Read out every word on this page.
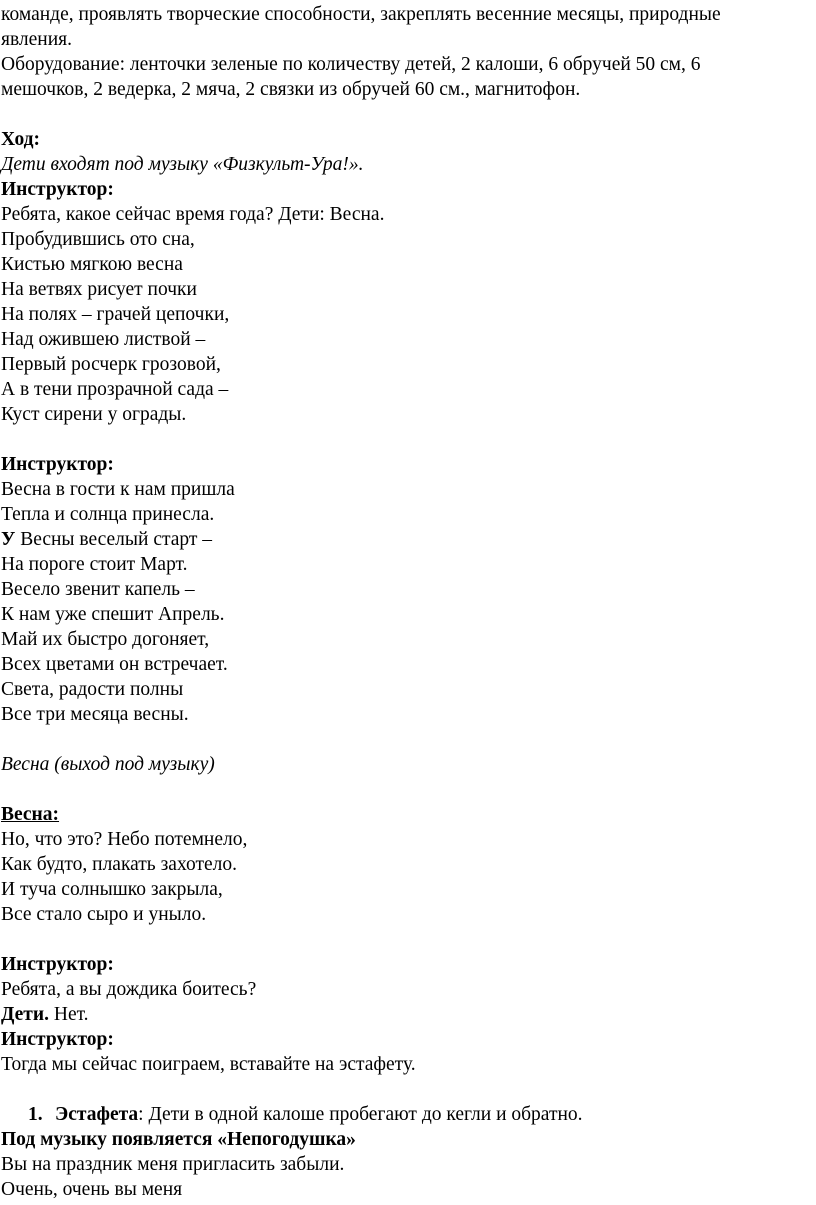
команде, проявлять творческие способности, закреплять весенние месяцы, природные
явления.
Оборудование: ленточки зеленые по количеству детей, 2 калоши, 6 обручей 50 см, 6
мешочков, 2 ведерка, 2 мяча, 2 связки из обручей 60 см., магнитофон.
Ход:
Дети входят под музыку «Физкульт-Ура!».
Инструктор:
Ребята, какое сейчас время года? Дети: Весна.
Пробудившись ото сна,
Кистью мягкою весна
На ветвях рисует почки
На полях – грачей цепочки,
Над ожившею листвой –
Первый росчерк грозовой,
А в тени прозрачной сада –
Куст сирени у ограды.
Инструктор:
Весна в гости к нам пришла
Тепла и солнца принесла.
У Весны веселый старт –
На пороге стоит Март.
Весело звенит капель –
К нам уже спешит Апрель.
Май их быстро догоняет,
Всех цветами он встречает.
Света, радости полны
Все три месяца весны.
Весна (выход под музыку)
Весна:
Но, что это? Небо потемнело,
Как будто, плакать захотело.
И туча солнышко закрыла,
Все стало сыро и уныло.
Инструктор:
Ребята, а вы дождика боитесь?
Дети. Нет.
Инструктор:
Тогда мы сейчас поиграем, вставайте на эстафету.
1. Эстафета: Дети в одной калоше пробегают до кегли и обратно.
Под музыку появляется «Непогодушка»
Вы на праздник меня пригласить забыли.
Очень, очень вы меня
